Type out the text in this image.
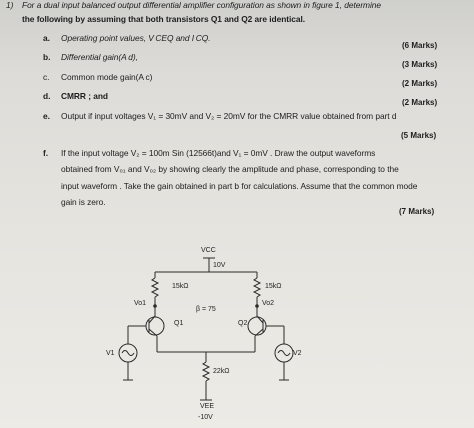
1) For a dual input balanced output differential amplifier configuration as shown in figure 1, determine
the following by assuming that both transistors Q1 and Q2 are identical.
a. Operating point values, V CEQ and I CQ.
(6 Marks)
b. Differential gain(A d),
(3 Marks)
c. Common mode gain(A c)
(2 Marks)
d. CMRR ; and
(2 Marks)
e. Output if input voltages V₁ = 30mV and V₂ = 20mV for the CMRR value obtained from part d
(5 Marks)
f. If the input voltage V₂ = 100m Sin (12566t)and V₁ = 0mV . Draw the output waveforms
obtained from V₀₁ and V₀₂ by showing clearly the amplitude and phase, corresponding to the
input waveform . Take the gain obtained in part b for calculations. Assume that the common mode
gain is zero.
(7 Marks)
VCC
10V
15kΩ	15kΩ
Vo1	Vo2
β = 75
Q1	Q2
V1	V2
22kΩ
VEE
-10V
